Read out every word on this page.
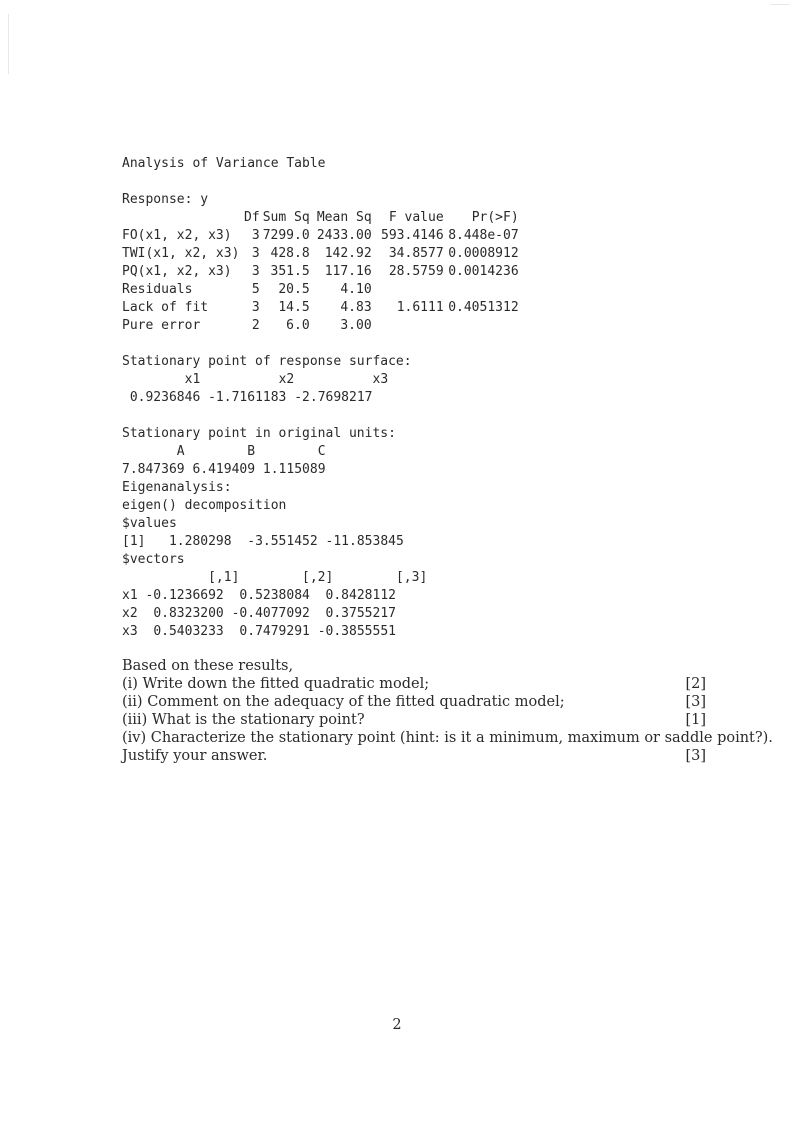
Analysis of Variance Table
Response: y
	Df	Sum Sq	Mean Sq	F value	Pr(>F)
FO(x1, x2, x3)	3	7299.0	2433.00	593.4146	8.448e-07
TWI(x1, x2, x3)	3	428.8	142.92	34.8577	0.0008912
PQ(x1, x2, x3)	3	351.5	117.16	28.5759	0.0014236
Residuals	5	20.5	4.10		
Lack of fit	3	14.5	4.83	1.6111	0.4051312
Pure error	2	6.0	3.00		
Stationary point of response surface:
x1	x2	x3
0.9236846 -1.7161183 -2.7698217
Stationary point in original units:
A	B	C
7.847369 6.419409 1.115089
Eigenanalysis:
eigen() decomposition
$values
[1] 1.280298 -3.551452 -11.853845
$vectors
[,1]	[,2]	[,3]
x1 -0.1236692 0.5238084 0.8428112
x2 0.8323200 -0.4077092 0.3755217
x3 0.5403233 0.7479291 -0.3855551
Based on these results,
(i) Write down the fitted quadratic model;	[2]
(ii) Comment on the adequacy of the fitted quadratic model;	[3]
(iii) What is the stationary point?	[1]
(iv) Characterize the stationary point (hint: is it a minimum, maximum or saddle point?).
Justify your answer.	[3]
2
